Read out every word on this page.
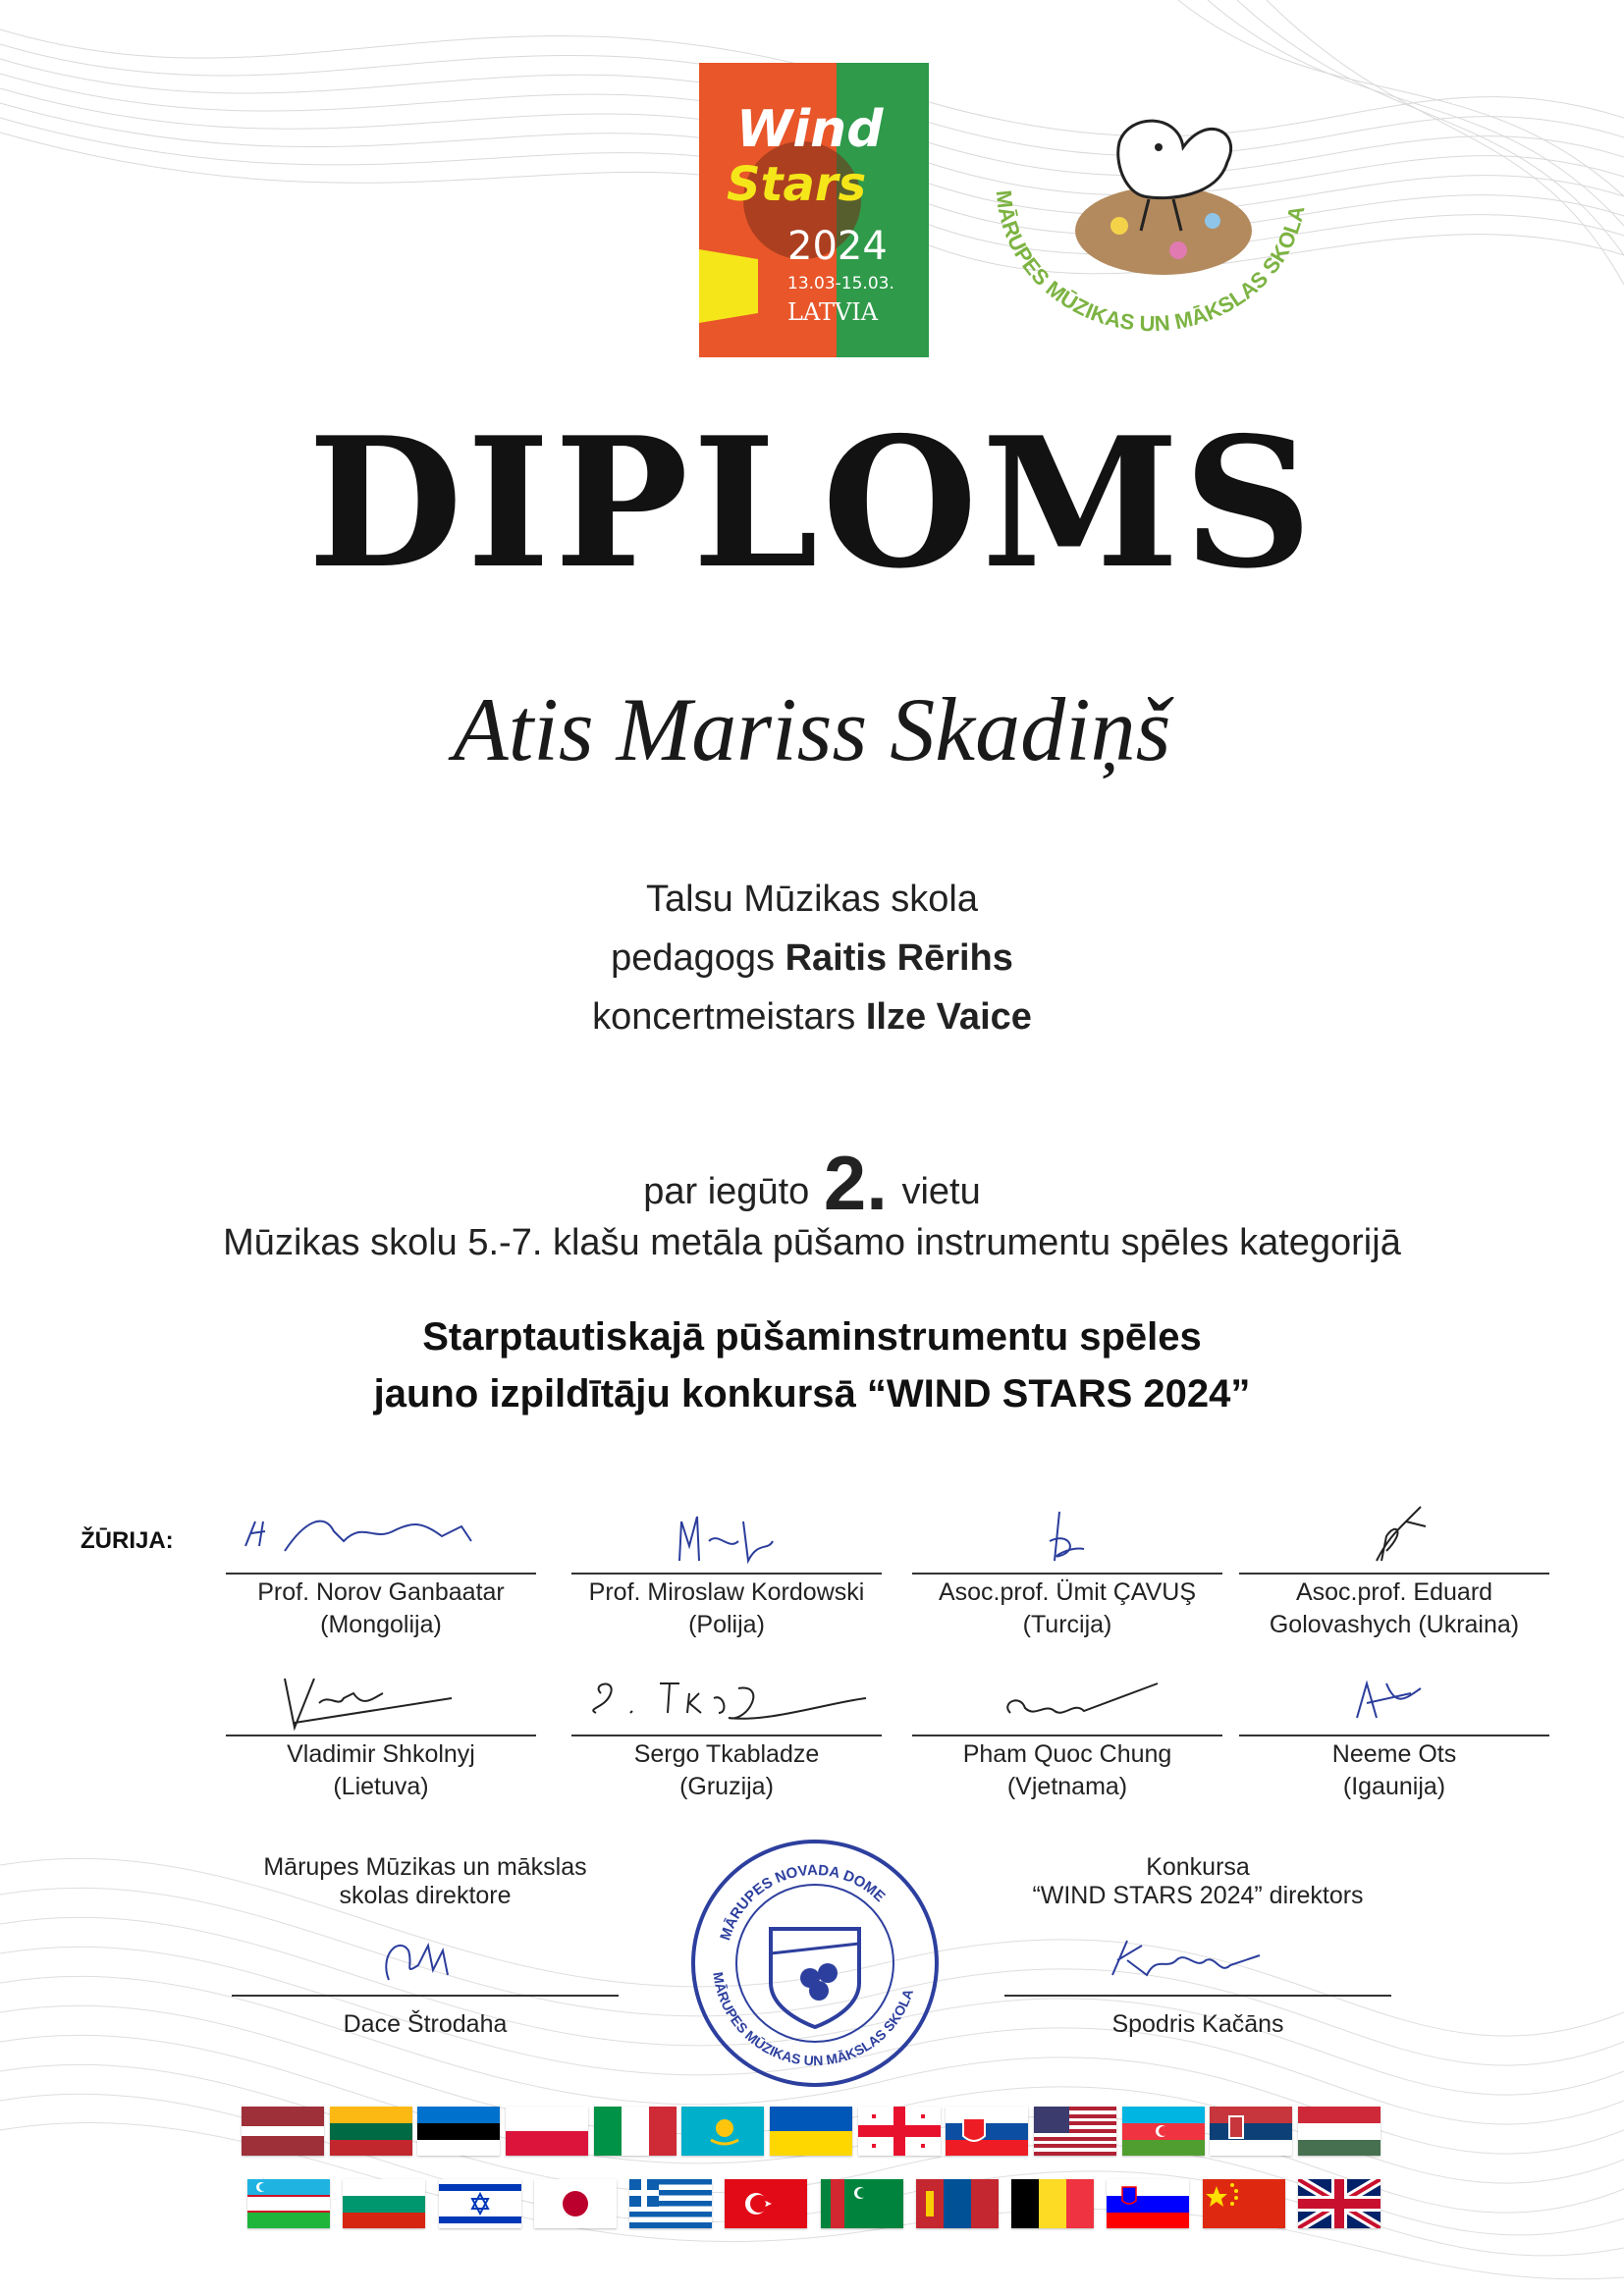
Wind
Stars
2024
13.03-15.03.
LATVIA
MĀRUPES MŪZIKAS UN MĀKSLAS SKOLA
DIPLOMS
Atis Mariss Skadiņš
Talsu Mūzikas skola
pedagogs Raitis Rērihs
koncertmeistars Ilze Vaice
par iegūto 2. vietu
Mūzikas skolu 5.-7. klašu metāla pūšamo instrumentu spēles kategorijā
Starptautiskajā pūšaminstrumentu spēles
jauno izpildītāju konkursā “WIND STARS 2024”
ŽŪRIJA:
Prof. Norov Ganbaatar
(Mongolija)
Prof. Miroslaw Kordowski
(Polija)
Asoc.prof. Ümit ÇAVUŞ
(Turcija)
Asoc.prof. Eduard
Golovashych (Ukraina)
Vladimir Shkolnyj
(Lietuva)
Sergo Tkabladze
(Gruzija)
Pham Quoc Chung
(Vjetnama)
Neeme Ots
(Igaunija)
Mārupes Mūzikas un mākslas
skolas direktore
Dace Štrodaha
Konkursa
“WIND STARS 2024” direktors
Spodris Kačāns
MĀRUPES NOVADA DOME
MĀRUPES MŪZIKAS UN MĀKSLAS SKOLA
